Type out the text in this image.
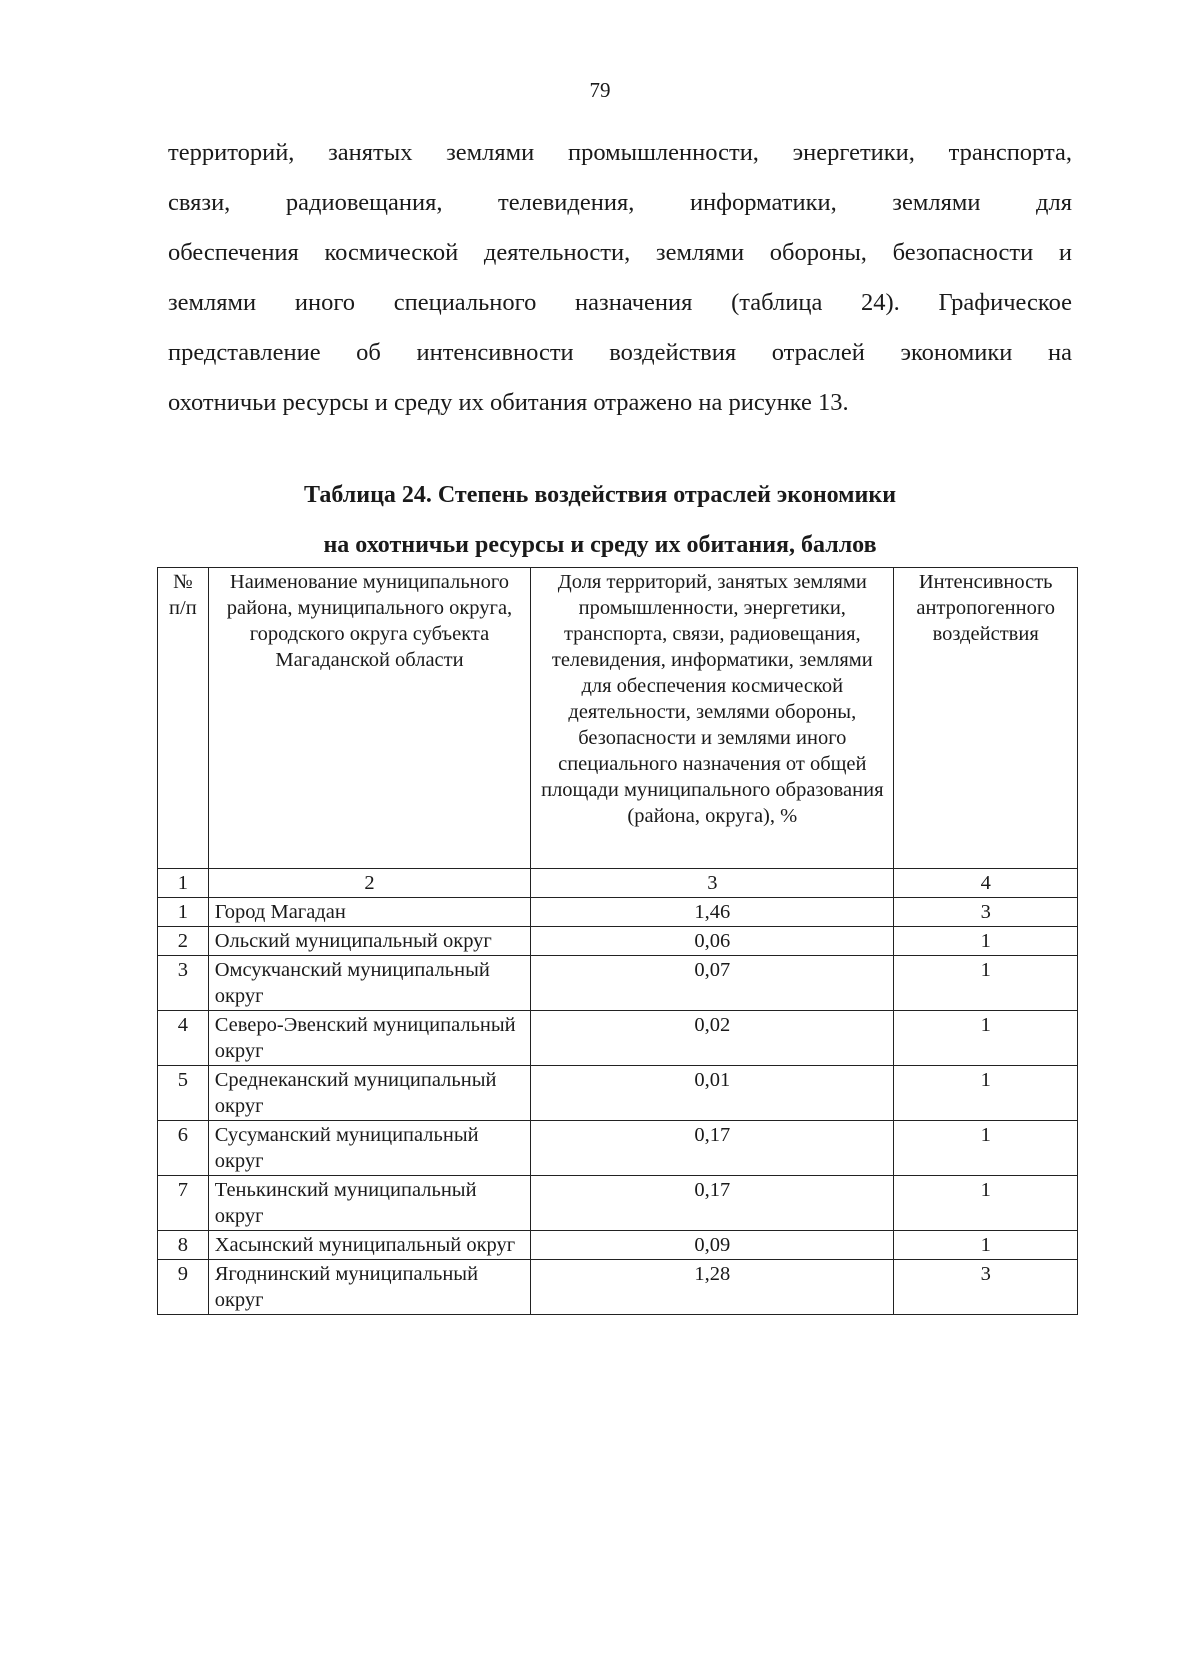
79
территорий, занятых землями промышленности, энергетики, транспорта,
связи, радиовещания, телевидения, информатики, землями для
обеспечения космической деятельности, землями обороны, безопасности и
землями иного специального назначения (таблица 24). Графическое
представление об интенсивности воздействия отраслей экономики на
охотничьи ресурсы и среду их обитания отражено на рисунке 13.
Таблица 24. Степень воздействия отраслей экономики
на охотничьи ресурсы и среду их обитания, баллов
№ п/п	Наименование муниципального района, муниципального округа, городского округа субъекта Магаданской области	Доля территорий, занятых землями промышленности, энергетики, транспорта, связи, радиовещания, телевидения, информатики, землями для обеспечения космической деятельности, землями обороны, безопасности и землями иного специального назначения от общей площади муниципального образования (района, округа), %	Интенсивность антропогенного воздействия
1	2	3	4
1	Город Магадан	1,46	3
2	Ольский муниципальный округ	0,06	1
3	Омсукчанский муниципальный округ	0,07	1
4	Северо-Эвенский муниципальный округ	0,02	1
5	Среднеканский муниципальный округ	0,01	1
6	Сусуманский муниципальный округ	0,17	1
7	Тенькинский муниципальный округ	0,17	1
8	Хасынский муниципальный округ	0,09	1
9	Ягоднинский муниципальный округ	1,28	3
